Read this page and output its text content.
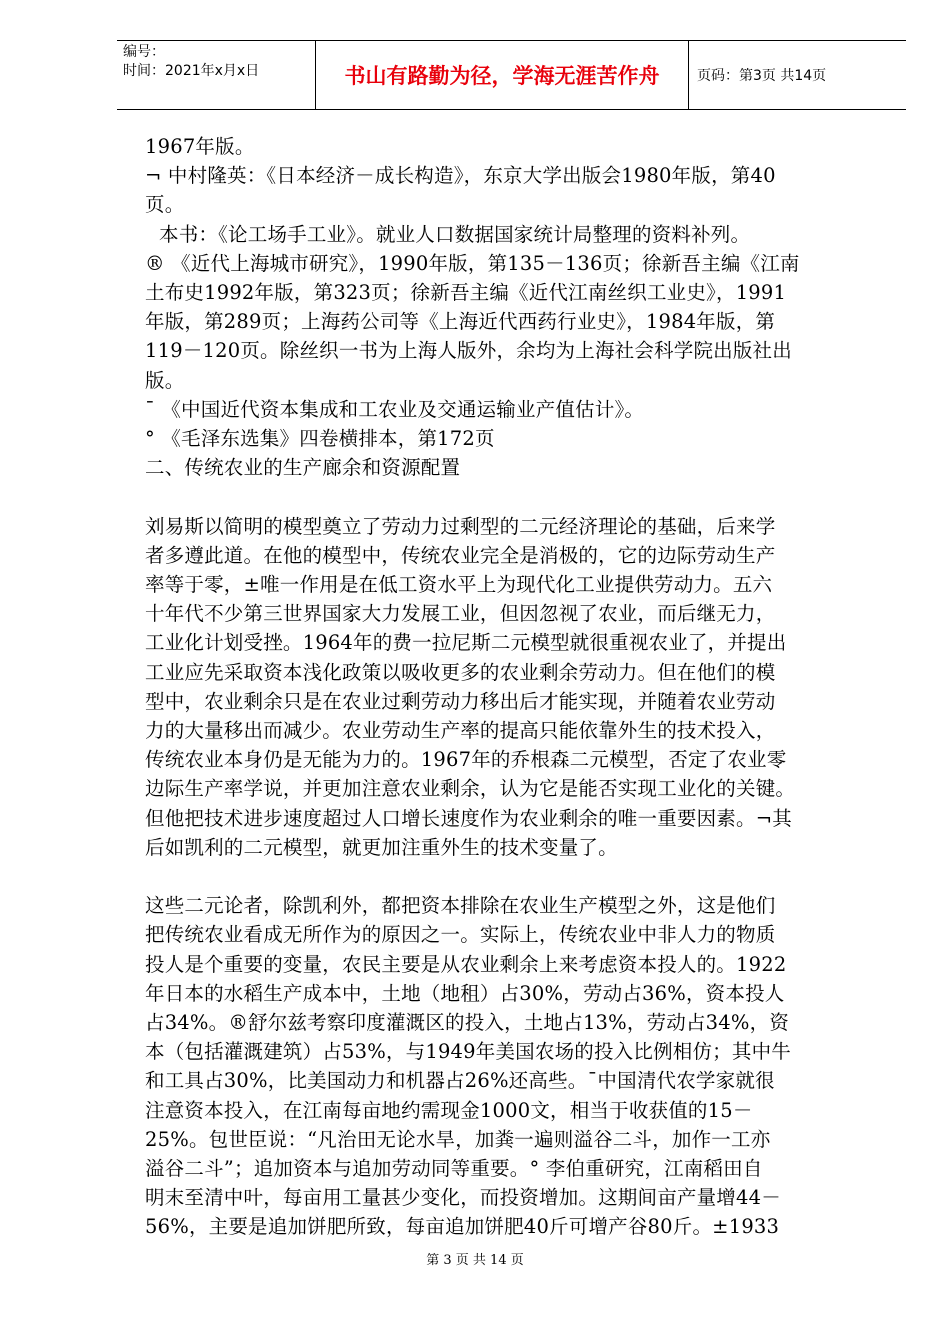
编号：
时间：2021年x月x日	书山有路勤为径，学海无涯苦作舟	页码：第3页 共14页

1967年版。

¬ 中村隆英：《日本经济－成长构造》，东京大学出版会1980年版，第40

页。

本书：《论工场手工业》。就业人口数据国家统计局整理的资料补列。

® 《近代上海城市研究》，1990年版，第135－136页；徐新吾主编《江南

土布史1992年版，第323页；徐新吾主编《近代江南丝织工业史》，1991

年版，第289页；上海药公司等《上海近代西药行业史》，1984年版，第

119－120页。除丝织一书为上海人版外，余均为上海社会科学院出版社出

版。

¯ 《中国近代资本集成和工农业及交通运输业产值估计》。

° 《毛泽东选集》四卷横排本，第172页

二、传统农业的生产廊余和资源配置

刘易斯以简明的模型奠立了劳动力过剩型的二元经济理论的基础，后来学

者多遵此道。在他的模型中，传统农业完全是消极的，它的边际劳动生产

率等于零，±唯一作用是在低工资水平上为现代化工业提供劳动力。五六

十年代不少第三世界国家大力发展工业，但因忽视了农业，而后继无力，

工业化计划受挫。1964年的费一拉尼斯二元模型就很重视农业了，并提出

工业应先采取资本浅化政策以吸收更多的农业剩余劳动力。但在他们的模

型中，农业剩余只是在农业过剩劳动力移出后才能实现，并随着农业劳动

力的大量移出而减少。农业劳动生产率的提高只能依靠外生的技术投入，

传统农业本身仍是无能为力的。1967年的乔根森二元模型，否定了农业零

边际生产率学说，并更加注意农业剩余，认为它是能否实现工业化的关键。

但他把技术进步速度超过人口增长速度作为农业剩余的唯一重要因素。¬其

后如凯利的二元模型，就更加注重外生的技术变量了。

这些二元论者，除凯利外，都把资本排除在农业生产模型之外，这是他们

把传统农业看成无所作为的原因之一。实际上，传统农业中非人力的物质

投人是个重要的变量，农民主要是从农业剩余上来考虑资本投人的。1922

年日本的水稻生产成本中，土地（地租）占30%，劳动占36%，资本投人

占34%。®舒尔兹考察印度灌溉区的投入，土地占13%，劳动占34%，资

本（包括灌溉建筑）占53%，与1949年美国农场的投入比例相仿；其中牛

和工具占30%，比美国动力和机器占26%还高些。¯中国清代农学家就很

注意资本投入，在江南每亩地约需现金1000文，相当于收获值的15－

25%。包世臣说：“凡治田无论水旱，加粪一遍则溢谷二斗，加作一工亦

溢谷二斗”；追加资本与追加劳动同等重要。° 李伯重研究，江南稻田自

明末至清中叶，每亩用工量甚少变化，而投资增加。这期间亩产量增44－

56%，主要是追加饼肥所致，每亩追加饼肥40斤可增产谷80斤。±1933

第 3 页 共 14 页
